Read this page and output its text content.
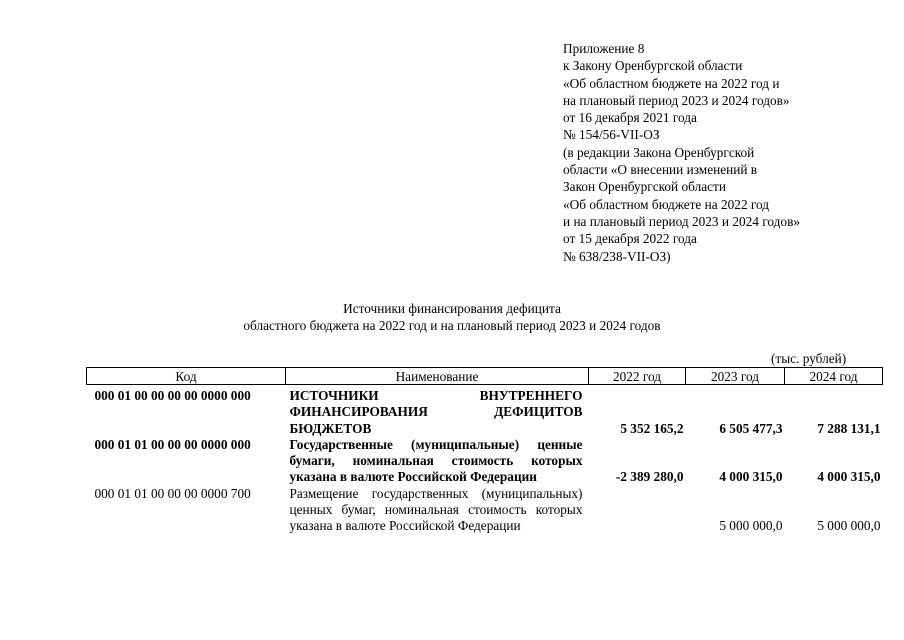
Приложение 8
к Закону Оренбургской области
«Об областном бюджете на 2022 год и
на плановый период 2023 и 2024 годов»
от 16 декабря 2021 года
№ 154/56-VII-ОЗ
(в редакции Закона Оренбургской
области «О внесении изменений в
Закон Оренбургской области
«Об областном бюджете на 2022 год
и на плановый период 2023 и 2024 годов»
от 15 декабря 2022 года
№ 638/238-VII-ОЗ)
Источники финансирования дефицита
областного бюджета на 2022 год и на плановый период 2023 и 2024 годов
(тыс. рублей)
Код	Наименование	2022 год	2023 год	2024 год
000 01 00 00 00 00 0000 000	ИСТОЧНИКИ ВНУТРЕННЕГО ФИНАНСИРОВАНИЯ ДЕФИЦИТОВ БЮДЖЕТОВ	5 352 165,2	6 505 477,3	7 288 131,1
000 01 01 00 00 00 0000 000	Государственные (муниципальные) ценные бумаги, номинальная стоимость которых указана в валюте Российской Федерации	-2 389 280,0	4 000 315,0	4 000 315,0
000 01 01 00 00 00 0000 700	Размещение государственных (муниципальных) ценных бумаг, номинальная стоимость которых указана в валюте Российской Федерации		5 000 000,0	5 000 000,0
